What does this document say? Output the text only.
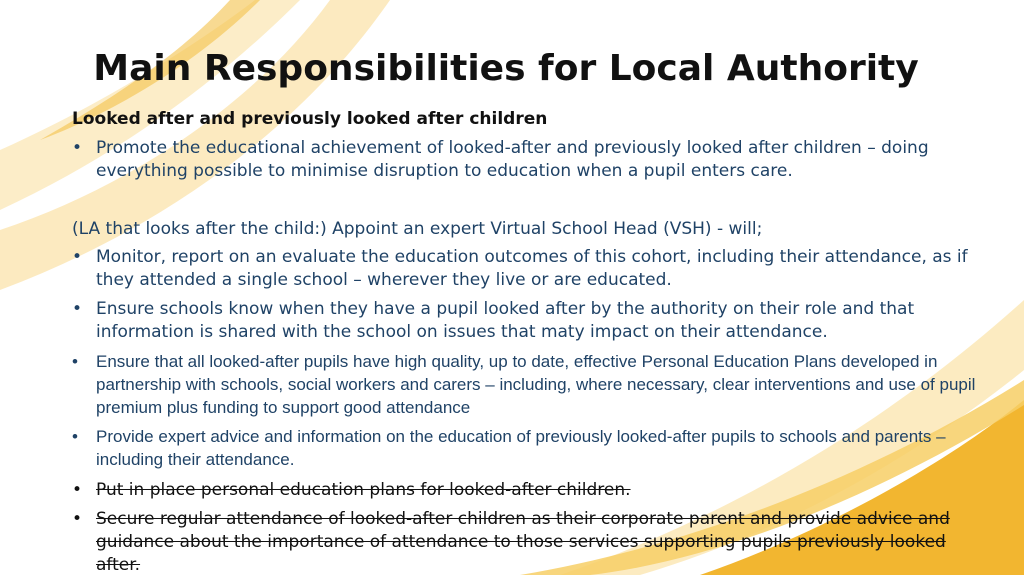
Main Responsibilities for Local Authority
Looked after and previously looked after children
• Promote the educational achievement of looked-after and previously looked after children – doing everything possible to minimise disruption to education when a pupil enters care.
(LA that looks after the child:) Appoint an expert Virtual School Head (VSH) - will;
• Monitor, report on an evaluate the education outcomes of this cohort, including their attendance, as if they attended a single school – wherever they live or are educated.
• Ensure schools know when they have a pupil looked after by the authority on their role and that information is shared with the school on issues that maty impact on their attendance.
• Ensure that all looked-after pupils have high quality, up to date, effective Personal Education Plans developed in partnership with schools, social workers and carers – including, where necessary, clear interventions and use of pupil premium plus funding to support good attendance
• Provide expert advice and information on the education of previously looked-after pupils to schools and parents – including their attendance.
• Put in place personal education plans for looked-after children.
• Secure regular attendance of looked-after children as their corporate parent and provide advice and guidance about the importance of attendance to those services supporting pupils previously looked after.
